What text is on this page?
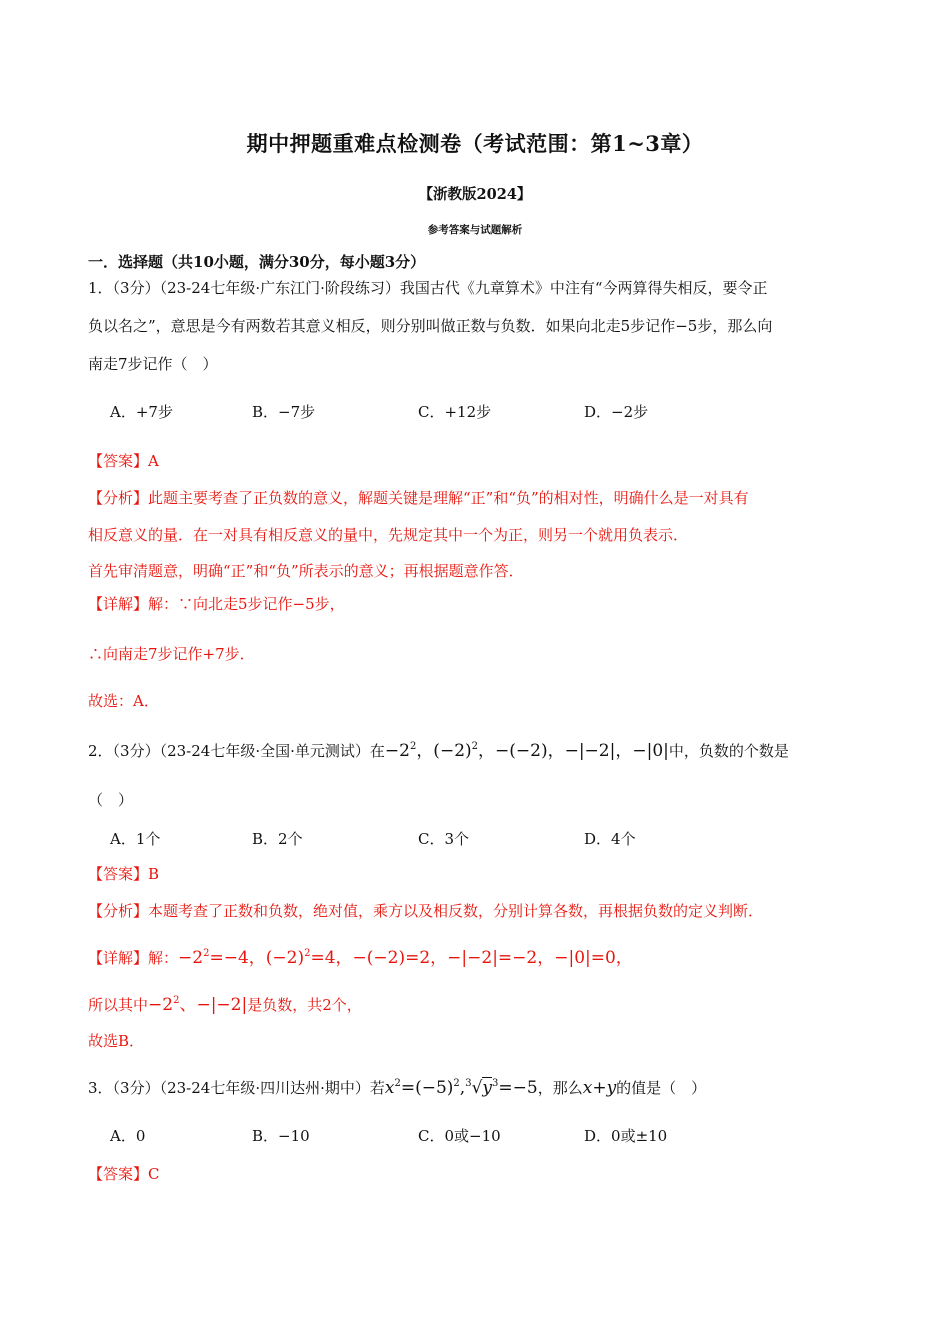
期中押题重难点检测卷（考试范围：第1~3章）
【浙教版2024】
参考答案与试题解析
一．选择题（共10小题，满分30分，每小题3分）
1．（3分）（23-24七年级·广东江门·阶段练习）我国古代《九章算术》中注有“今两算得失相反，要令正
负以名之”，意思是今有两数若其意义相反，则分别叫做正数与负数．如果向北走5步记作−5步，那么向
南走7步记作（　）
A．+7步	B．−7步	C．+12步	D．−2步
【答案】A
【分析】此题主要考查了正负数的意义，解题关键是理解“正”和“负”的相对性，明确什么是一对具有
相反意义的量．在一对具有相反意义的量中，先规定其中一个为正，则另一个就用负表示．
首先审清题意，明确“正”和“负”所表示的意义；再根据题意作答．
【详解】解：∵向北走5步记作−5步，
∴向南走7步记作+7步．
故选：A．
2．（3分）（23-24七年级·全国·单元测试）在$-2^2$，$(-2)^2$，−(−2)，−|−2|，−|0|中，负数的个数是
（　）
A．1个	B．2个	C．3个	D．4个
【答案】B
【分析】本题考查了正数和负数，绝对值，乘方以及相反数，分别计算各数，再根据负数的定义判断．
【详解】解：$-2^2=-4$，$(-2)^2=4$，−(−2)=2，−|−2|=−2，−|0|=0，
所以其中$-2^2$、−|−2|是负数，共2个，
故选B．
3．（3分）（23-24七年级·四川达州·期中）若$x^2=(-5)^2,^3√y^3=-5$，那么x+y的值是（　）
A．0	B．−10	C．0或−10	D．0或±10
【答案】C
